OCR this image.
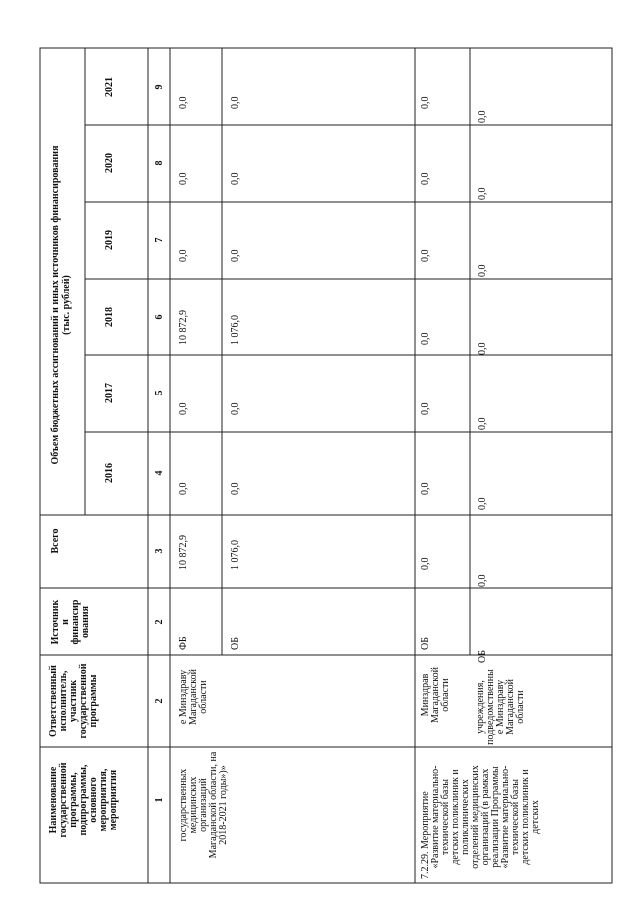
Наименование государственной программы, подпрограммы, основного мероприятия, мероприятия
Ответственный исполнитель, участник государственной программы
Источник и финансир ования
Всего
Объем бюджетных ассигнований и иных источников финансирования (тыс. рублей)
2016
2017
2018
2019
2020
2021
1
2
2
3
4
5
6
7
8
9
государственных медицинских организаций Магаданской области, на 2018-2021 годы»)»
е Минздраву Магаданской области
ФБ
10 872,9
0,0
0,0
10 872,9
0,0
0,0
0,0
ОБ
1 076,0
0,0
0,0
1 076,0
0,0
0,0
0,0
7.2.29. Мероприятие «Развитие материально- технической базы детских поликлиник и поликлинических отделений медицинских организаций (в рамках реализации Программы «Развитие материально- технической базы детских поликлиник и детских
Минздрав Магаданской области учреждения, подведомственны е Минздраву Магаданской области
ОБ
0,0
0,0
0,0
0,0
0,0
0,0
0,0
ОБ
0,0
0,0
0,0
0,0
0,0
0,0
0,0
